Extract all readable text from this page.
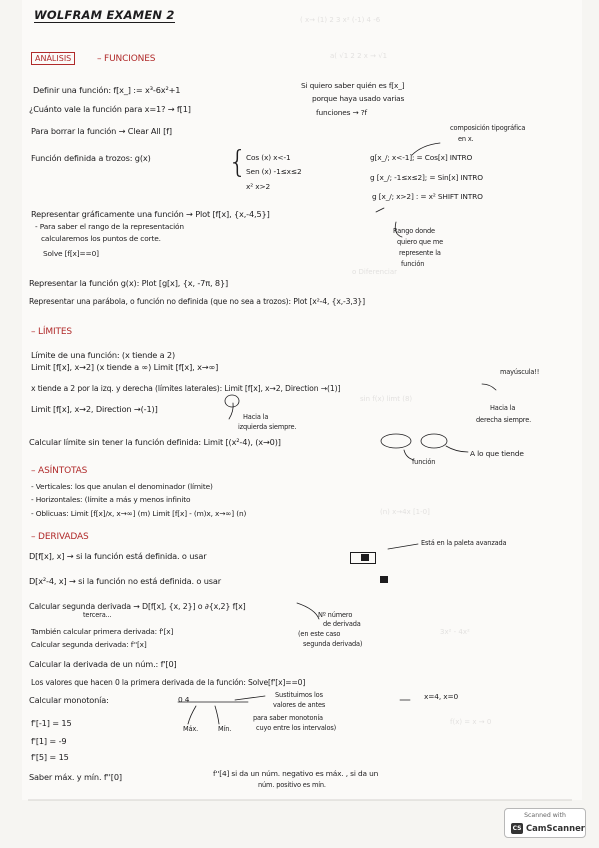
( x→ (1) 2 3 x² (-1) 4 -6
a( √1 2 2 x → √1
o Diferenciar
sin f(x) limt (8)
(n) x→4x [1-0]
3x² - 4x²
f(x) = x → 0
WOLFRAM EXAMEN 2
ANÁLISIS	– FUNCIONES
Definir una función: f[x_] := x³-6x²+1	Si quiero saber quién es f[x_]
porque haya usado varias
funciones → ?f
¿Cuánto vale la función para x=1? → f[1]
Para borrar la función → Clear All [f]	composición tipográfica
en x.
Función definida a trozos: g(x)	{
Cos (x) x<-1
Sen (x) -1≤x≤2
x² x>2
g[x_/; x<-1]; = Cos[x] INTRO
g [x_/; -1≤x≤2]; = Sin[x] INTRO
g [x_/; x>2] : = x² SHIFT INTRO
Representar gráficamente una función → Plot [f[x], {x,-4,5}]
- Para saber el rango de la representación
calcularemos los puntos de corte.
Solve [f[x]==0]
Rango donde
quiero que me
represente la
función
Representar la función g(x): Plot [g[x], {x, -7π, 8}]
Representar una parábola, o función no definida (que no sea a trozos): Plot [x²-4, {x,-3,3}]
– LÍMITES
Límite de una función: (x tiende a 2)
Limit [f[x], x→2] (x tiende a ∞) Limit [f[x], x→∞]	mayúscula!!
x tiende a 2 por la izq. y derecha (límites laterales): Limit [f[x], x→2, Direction →(1)]
Limit [f[x], x→2, Direction →(-1)]	Hacia la
derecha siempre.
Hacia la
izquierda siempre.
Calcular límite sin tener la función definida: Limit [(x²-4), (x→0)]
función
A lo que tiende
– ASÍNTOTAS
- Verticales: los que anulan el denominador (límite)
- Horizontales: (límite a más y menos infinito
- Oblicuas: Limit [f[x]/x, x→∞] (m) Limit [f[x] - (m)x, x→∞] (n)
– DERIVADAS
D[f[x], x] → si la función está definida. o usar
Está en la paleta avanzada
D[x²-4, x] → si la función no está definida. o usar
Calcular segunda derivada → D[f[x], {x, 2}] o ∂{x,2} f[x]
tercera...	Nº número
de derivada
(en este caso
segunda derivada)
También calcular primera derivada: f'[x]
Calcular segunda derivada: f''[x]
Calcular la derivada de un núm.: f'[0]
Los valores que hacen 0 la primera derivada de la función: Solve[f'[x]==0]
Calcular monotonía:	Sustituimos los
valores de antes
para saber monotonía
cuyo entre los intervalos)
x=4, x=0
Máx.	Mín.
0 4
f'[-1] = 15
f'[1] = -9
f'[5] = 15
Saber máx. y mín. f''[0]	f''[4] si da un núm. negativo es máx. , si da un
núm. positivo es mín.
Scanned with
CS CamScanner
